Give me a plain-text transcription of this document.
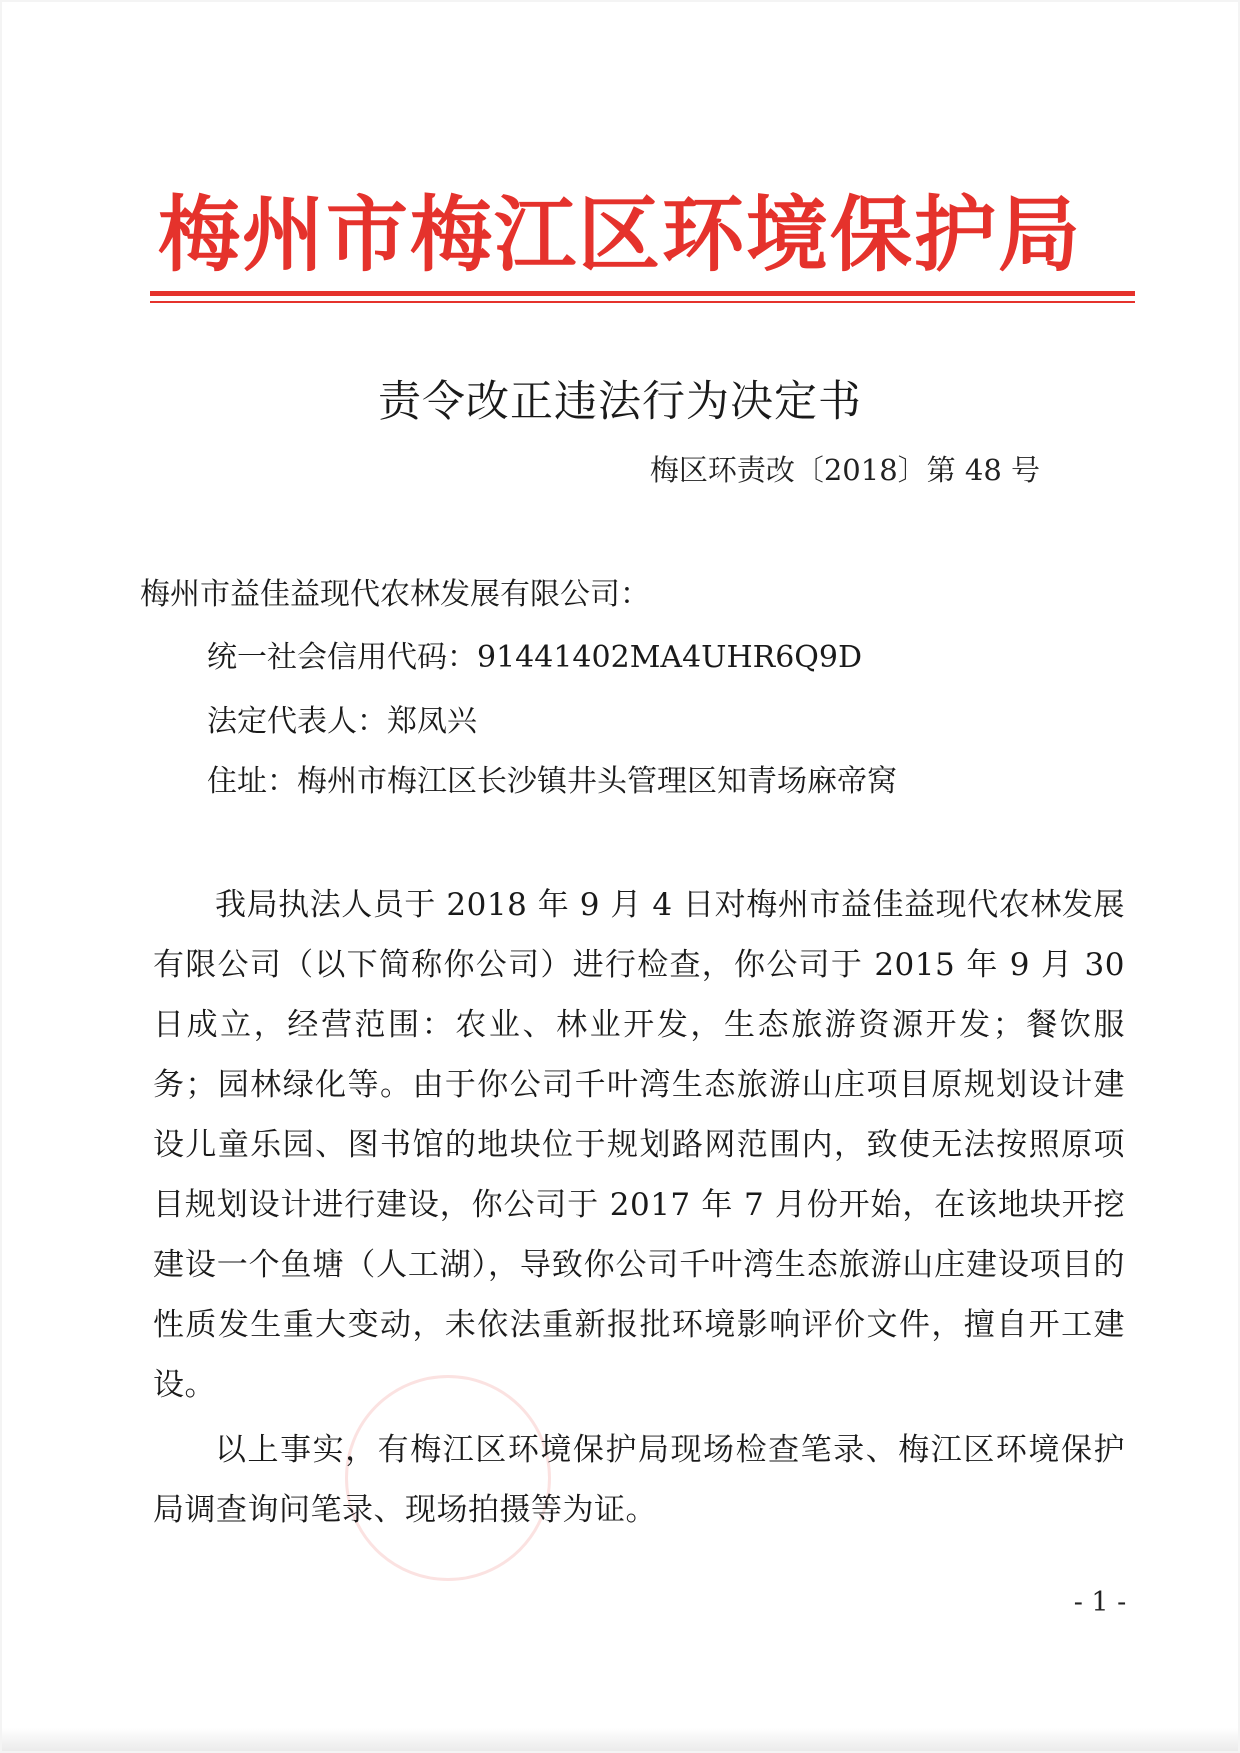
梅州市梅江区环境保护局
责令改正违法行为决定书
梅区环责改〔2018〕第 48 号
梅州市益佳益现代农林发展有限公司：
统一社会信用代码：91441402MA4UHR6Q9D
法定代表人：郑凤兴
住址：梅州市梅江区长沙镇井头管理区知青场麻帝窝
我局执法人员于 2018 年 9 月 4 日对梅州市益佳益现代农林发展有限公司（以下简称你公司）进行检查，你公司于 2015 年 9 月 30 日成立，经营范围：农业、林业开发，生态旅游资源开发；餐饮服务；园林绿化等。由于你公司千叶湾生态旅游山庄项目原规划设计建设儿童乐园、图书馆的地块位于规划路网范围内，致使无法按照原项目规划设计进行建设，你公司于 2017 年 7 月份开始，在该地块开挖建设一个鱼塘（人工湖），导致你公司千叶湾生态旅游山庄建设项目的性质发生重大变动，未依法重新报批环境影响评价文件，擅自开工建设。
以上事实，有梅江区环境保护局现场检查笔录、梅江区环境保护局调查询问笔录、现场拍摄等为证。
- 1 -
